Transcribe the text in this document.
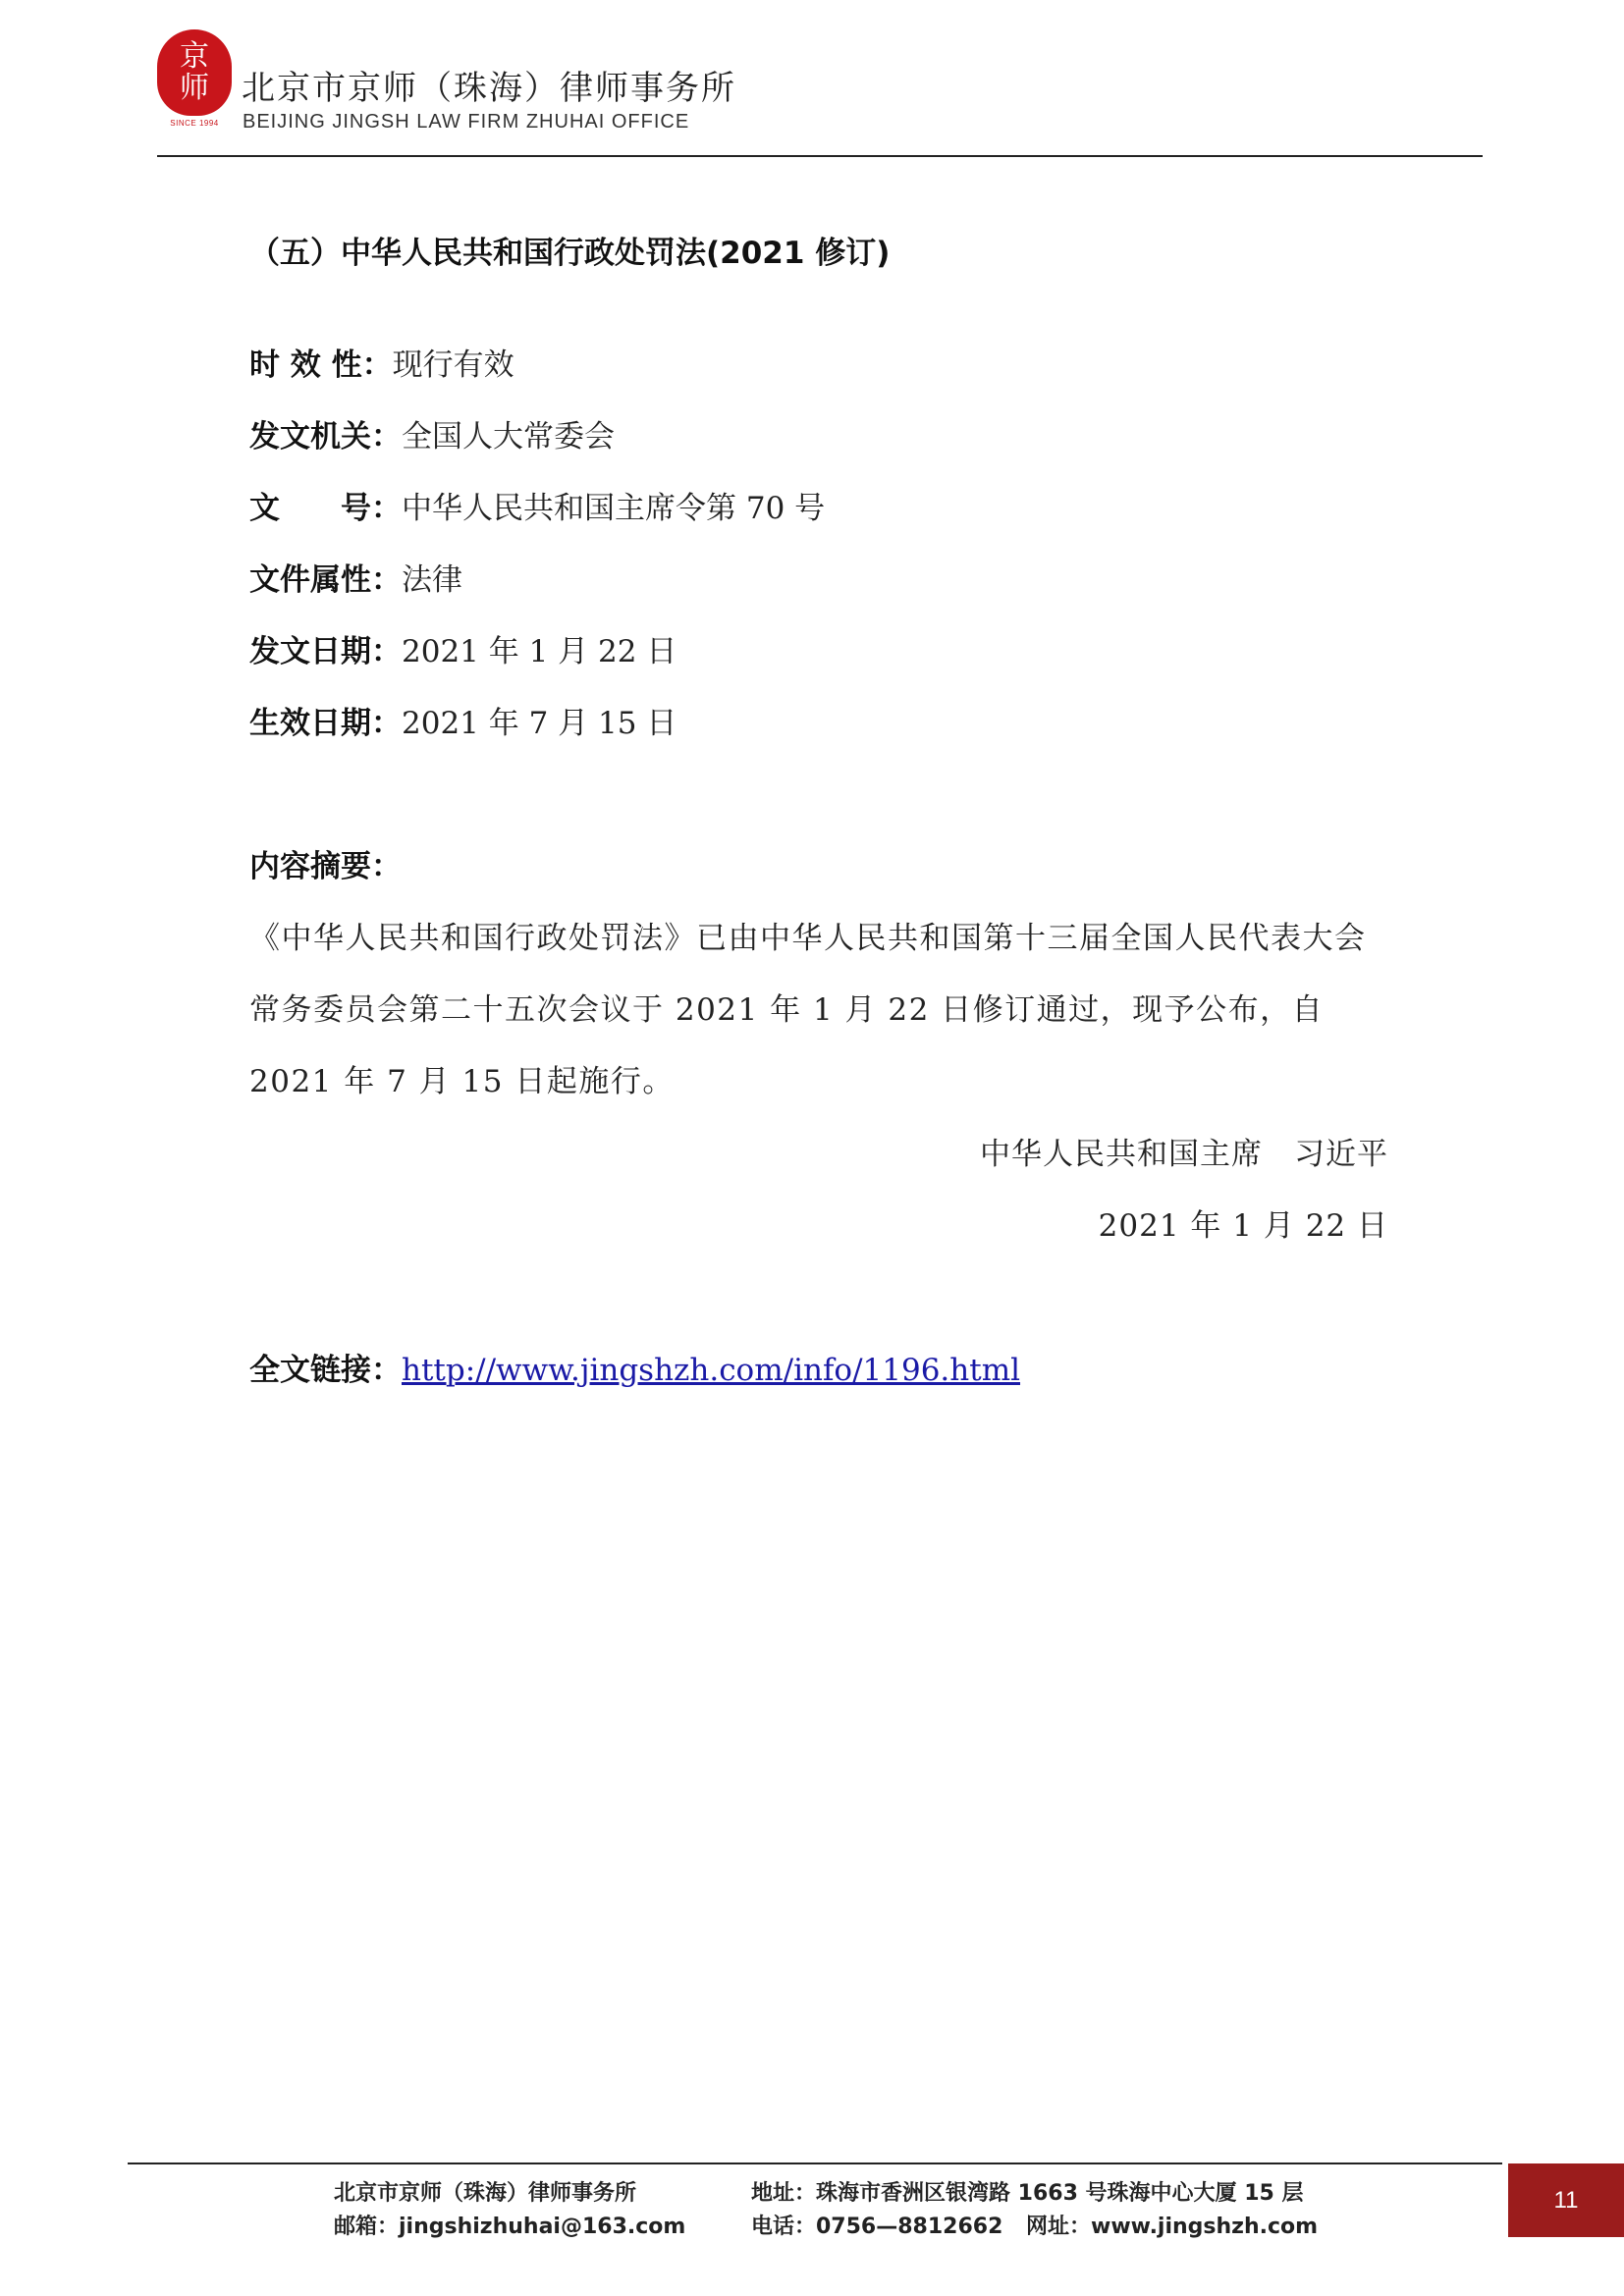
京
师
SINCE 1994
北京市京师（珠海）律师事务所
BEIJING JINGSH LAW FIRM ZHUHAI OFFICE
（五）中华人民共和国行政处罚法(2021 修订)
时 效 性：现行有效
发文机关：全国人大常委会
文　　号：中华人民共和国主席令第 70 号
文件属性：法律
发文日期：2021 年 1 月 22 日
生效日期：2021 年 7 月 15 日
内容摘要：
《中华人民共和国行政处罚法》已由中华人民共和国第十三届全国人民代表大会常务委员会第二十五次会议于 2021 年 1 月 22 日修订通过，现予公布，自 2021 年 7 月 15 日起施行。
中华人民共和国主席　习近平
2021 年 1 月 22 日
全文链接：http://www.jingshzh.com/info/1196.html
北京市京师（珠海）律师事务所
邮箱：jingshizhuhai@163.com
地址：珠海市香洲区银湾路 1663 号珠海中心大厦 15 层
电话：0756—8812662 网址：www.jingshzh.com
11
